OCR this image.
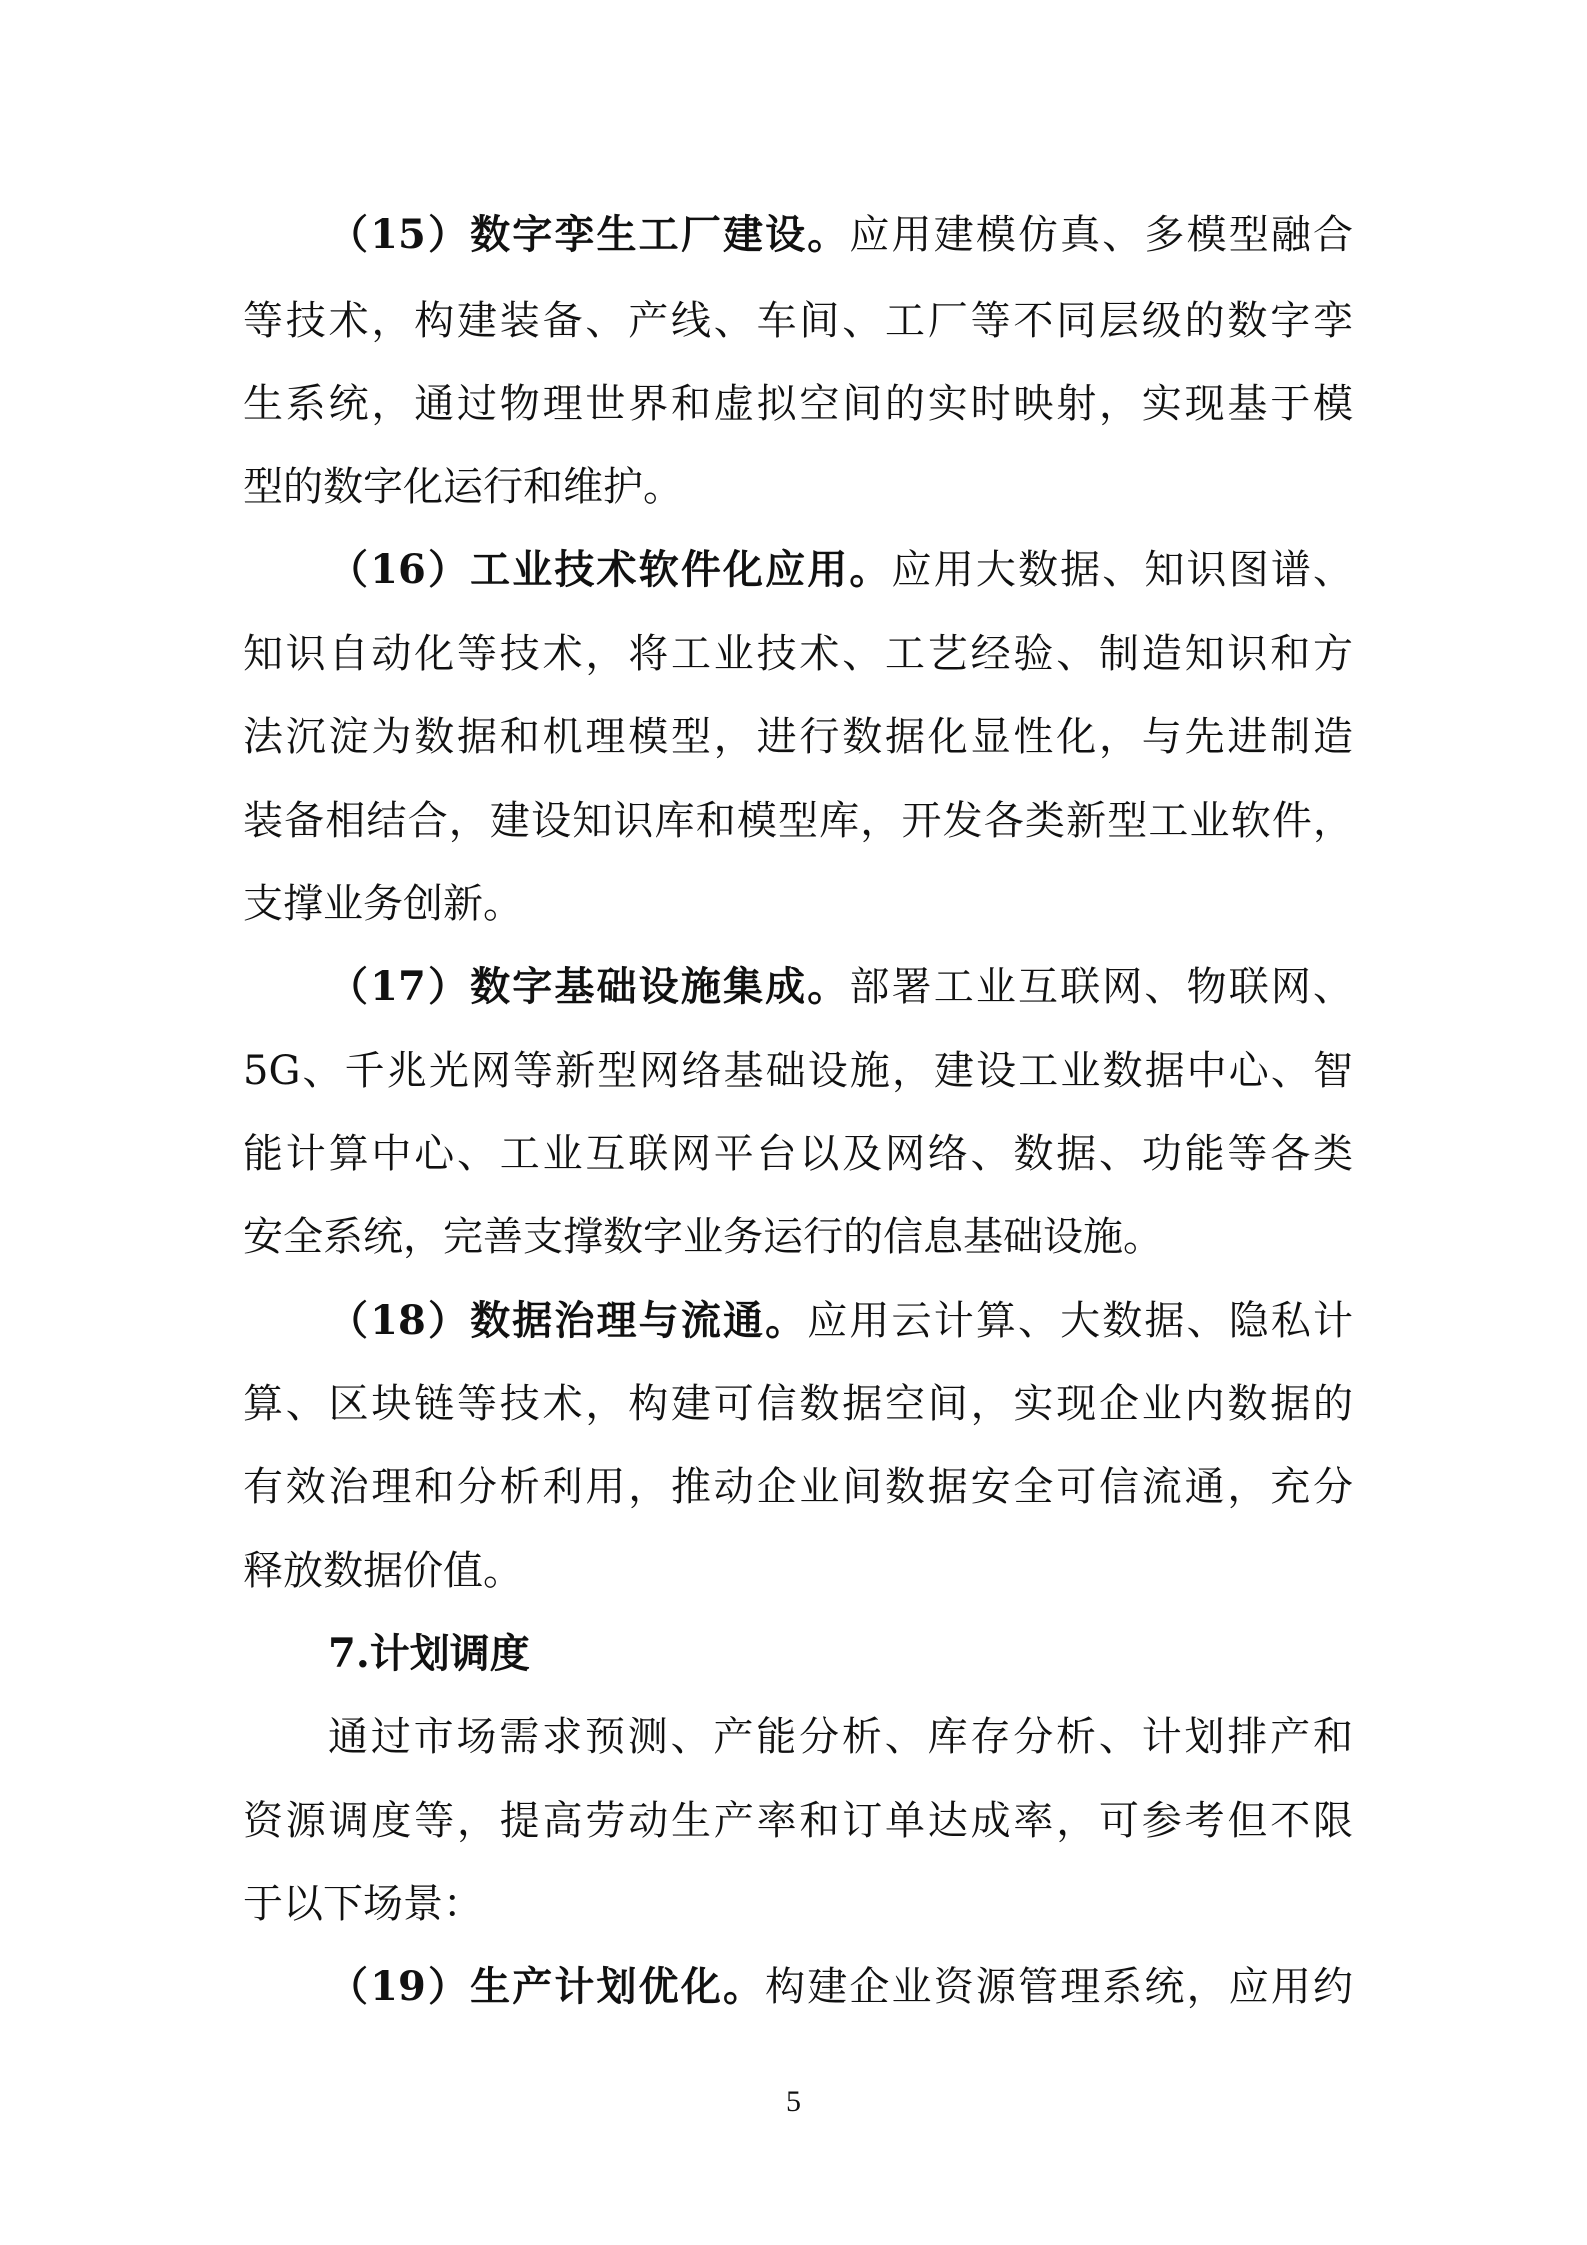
（15）数字孪生工厂建设。应用建模仿真、多模型融合
等技术，构建装备、产线、车间、工厂等不同层级的数字孪
生系统，通过物理世界和虚拟空间的实时映射，实现基于模
型的数字化运行和维护。
（16）工业技术软件化应用。应用大数据、知识图谱、
知识自动化等技术，将工业技术、工艺经验、制造知识和方
法沉淀为数据和机理模型，进行数据化显性化，与先进制造
装备相结合，建设知识库和模型库，开发各类新型工业软件，
支撑业务创新。
（17）数字基础设施集成。部署工业互联网、物联网、
5G、千兆光网等新型网络基础设施，建设工业数据中心、智
能计算中心、工业互联网平台以及网络、数据、功能等各类
安全系统，完善支撑数字业务运行的信息基础设施。
（18）数据治理与流通。应用云计算、大数据、隐私计
算、区块链等技术，构建可信数据空间，实现企业内数据的
有效治理和分析利用，推动企业间数据安全可信流通，充分
释放数据价值。
7.计划调度
通过市场需求预测、产能分析、库存分析、计划排产和
资源调度等，提高劳动生产率和订单达成率，可参考但不限
于以下场景：
（19）生产计划优化。构建企业资源管理系统，应用约
5
